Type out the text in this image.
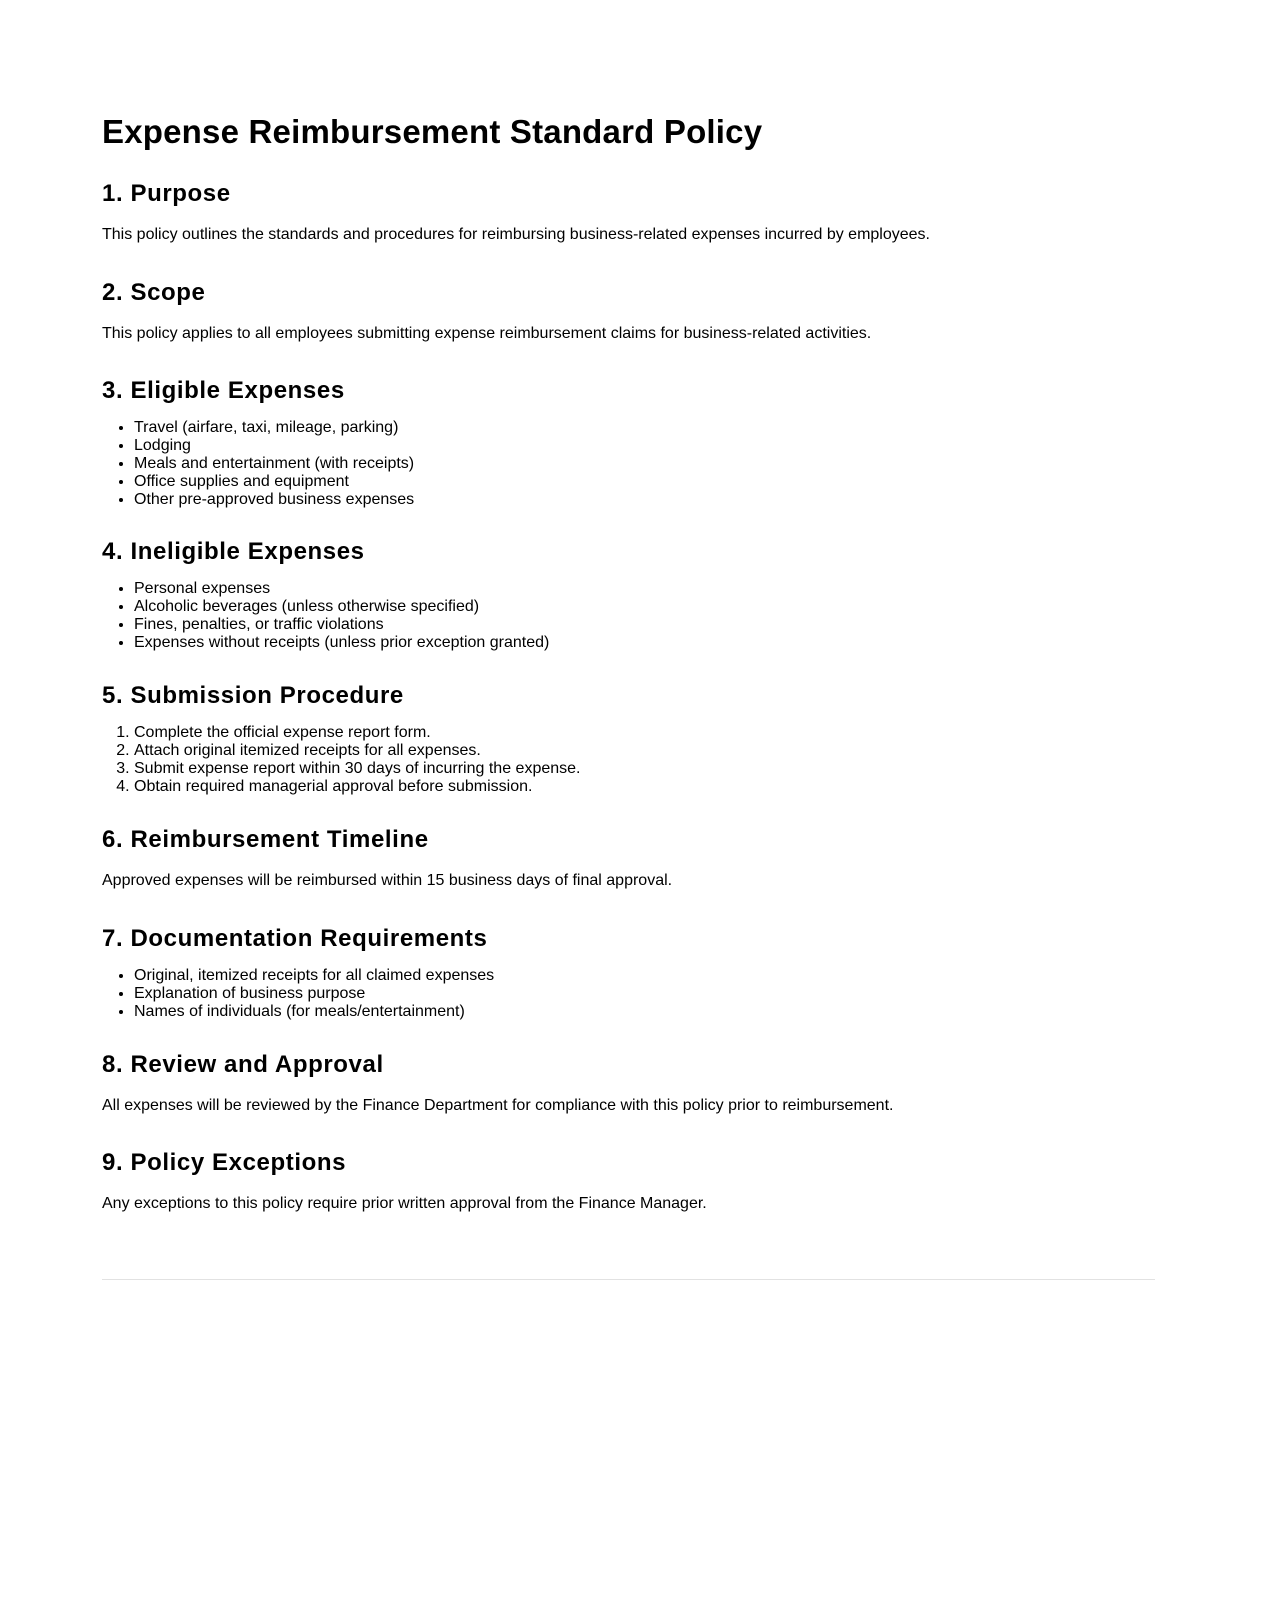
Expense Reimbursement Standard Policy
1. Purpose

This policy outlines the standards and procedures for reimbursing business-related expenses incurred by employees.

2. Scope

This policy applies to all employees submitting expense reimbursement claims for business-related activities.

3. Eligible Expenses
• Travel (airfare, taxi, mileage, parking)
• Lodging
• Meals and entertainment (with receipts)
• Office supplies and equipment
• Other pre-approved business expenses
4. Ineligible Expenses
• Personal expenses
• Alcoholic beverages (unless otherwise specified)
• Fines, penalties, or traffic violations
• Expenses without receipts (unless prior exception granted)
5. Submission Procedure
1. Complete the official expense report form.
2. Attach original itemized receipts for all expenses.
3. Submit expense report within 30 days of incurring the expense.
4. Obtain required managerial approval before submission.
6. Reimbursement Timeline

Approved expenses will be reimbursed within 15 business days of final approval.

7. Documentation Requirements
• Original, itemized receipts for all claimed expenses
• Explanation of business purpose
• Names of individuals (for meals/entertainment)
8. Review and Approval

All expenses will be reviewed by the Finance Department for compliance with this policy prior to reimbursement.

9. Policy Exceptions

Any exceptions to this policy require prior written approval from the Finance Manager.
